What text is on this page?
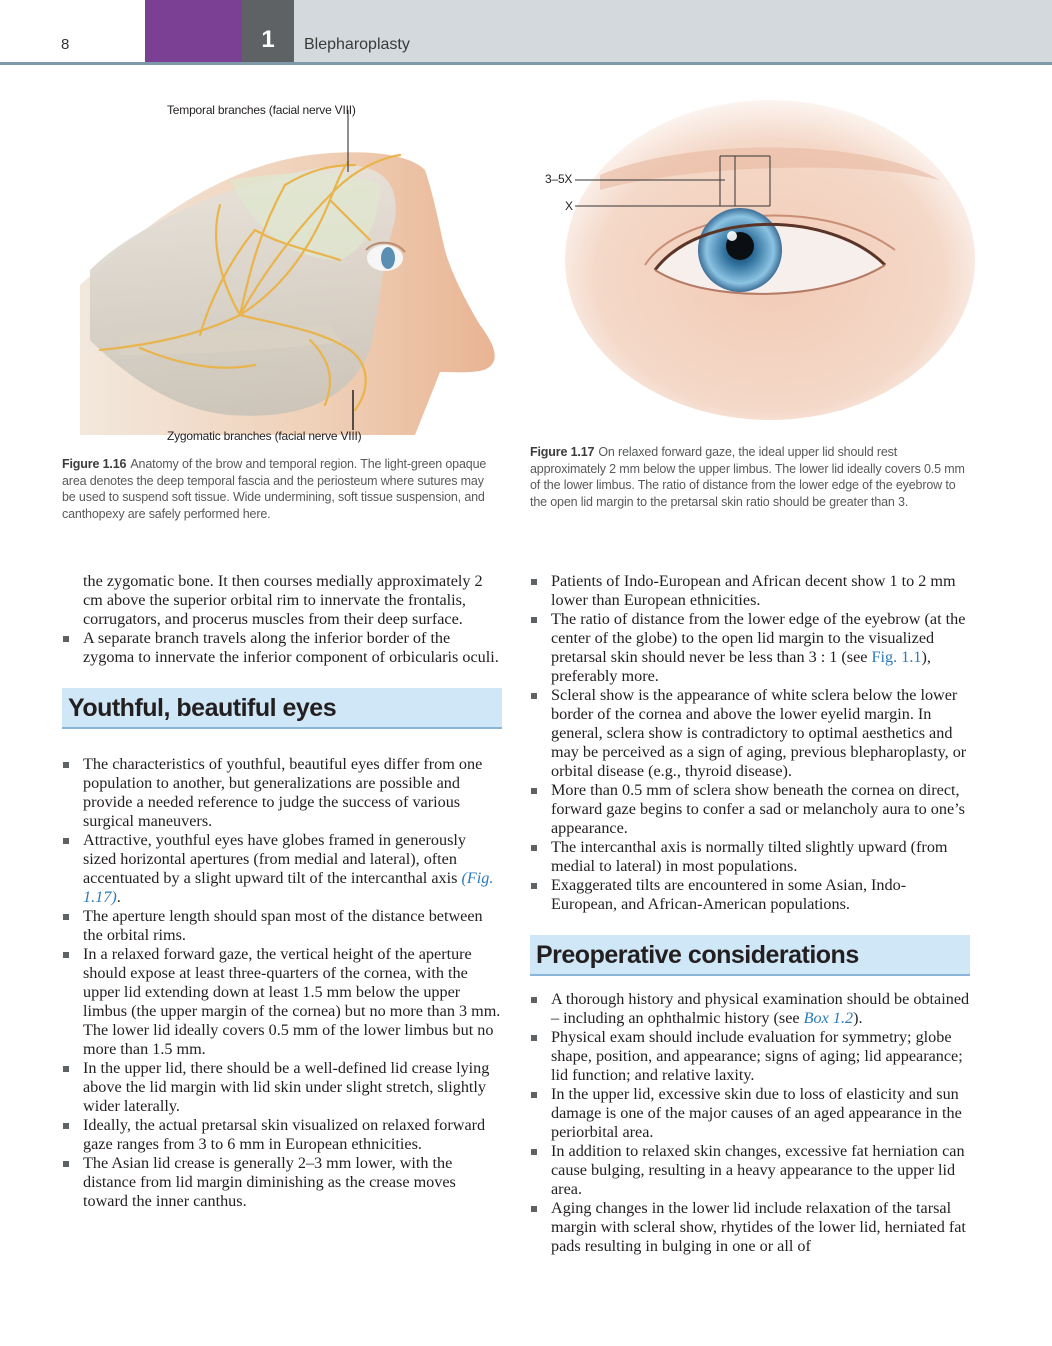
8	1	Blepharoplasty
Temporal branches (facial nerve VIII)
Zygomatic branches (facial nerve VIII)
Figure 1.16 Anatomy of the brow and temporal region. The light-green opaque area denotes the deep temporal fascia and the periosteum where sutures may be used to suspend soft tissue. Wide undermining, soft tissue suspension, and canthopexy are safely performed here.
3–5X
X
Figure 1.17 On relaxed forward gaze, the ideal upper lid should rest approximately 2 mm below the upper limbus. The lower lid ideally covers 0.5 mm of the lower limbus. The ratio of distance from the lower edge of the eyebrow to the open lid margin to the pretarsal skin ratio should be greater than 3.

the zygomatic bone. It then courses medially approximately 2 cm above the superior orbital rim to innervate the frontalis, corrugators, and procerus muscles from their deep surface.

A separate branch travels along the inferior border of the zygoma to innervate the inferior component of orbicularis oculi.

Youthful, beautiful eyes

The characteristics of youthful, beautiful eyes differ from one population to another, but generalizations are possible and provide a needed reference to judge the success of various surgical maneuvers.

Attractive, youthful eyes have globes framed in generously sized horizontal apertures (from medial and lateral), often accentuated by a slight upward tilt of the intercanthal axis (Fig. 1.17).

The aperture length should span most of the distance between the orbital rims.

In a relaxed forward gaze, the vertical height of the aperture should expose at least three-quarters of the cornea, with the upper lid extending down at least 1.5 mm below the upper limbus (the upper margin of the cornea) but no more than 3 mm. The lower lid ideally covers 0.5 mm of the lower limbus but no more than 1.5 mm.

In the upper lid, there should be a well-defined lid crease lying above the lid margin with lid skin under slight stretch, slightly wider laterally.

Ideally, the actual pretarsal skin visualized on relaxed forward gaze ranges from 3 to 6 mm in European ethnicities.

The Asian lid crease is generally 2–3 mm lower, with the distance from lid margin diminishing as the crease moves toward the inner canthus.

Patients of Indo-European and African decent show 1 to 2 mm lower than European ethnicities.

The ratio of distance from the lower edge of the eyebrow (at the center of the globe) to the open lid margin to the visualized pretarsal skin should never be less than 3 : 1 (see Fig. 1.1), preferably more.

Scleral show is the appearance of white sclera below the lower border of the cornea and above the lower eyelid margin. In general, sclera show is contradictory to optimal aesthetics and may be perceived as a sign of aging, previous blepharoplasty, or orbital disease (e.g., thyroid disease).

More than 0.5 mm of sclera show beneath the cornea on direct, forward gaze begins to confer a sad or melancholy aura to one’s appearance.

The intercanthal axis is normally tilted slightly upward (from medial to lateral) in most populations.

Exaggerated tilts are encountered in some Asian, Indo-European, and African-American populations.

Preoperative considerations

A thorough history and physical examination should be obtained – including an ophthalmic history (see Box 1.2).

Physical exam should include evaluation for symmetry; globe shape, position, and appearance; signs of aging; lid appearance; lid function; and relative laxity.

In the upper lid, excessive skin due to loss of elasticity and sun damage is one of the major causes of an aged appearance in the periorbital area.

In addition to relaxed skin changes, excessive fat herniation can cause bulging, resulting in a heavy appearance to the upper lid area.

Aging changes in the lower lid include relaxation of the tarsal margin with scleral show, rhytides of the lower lid, herniated fat pads resulting in bulging in one or all of
